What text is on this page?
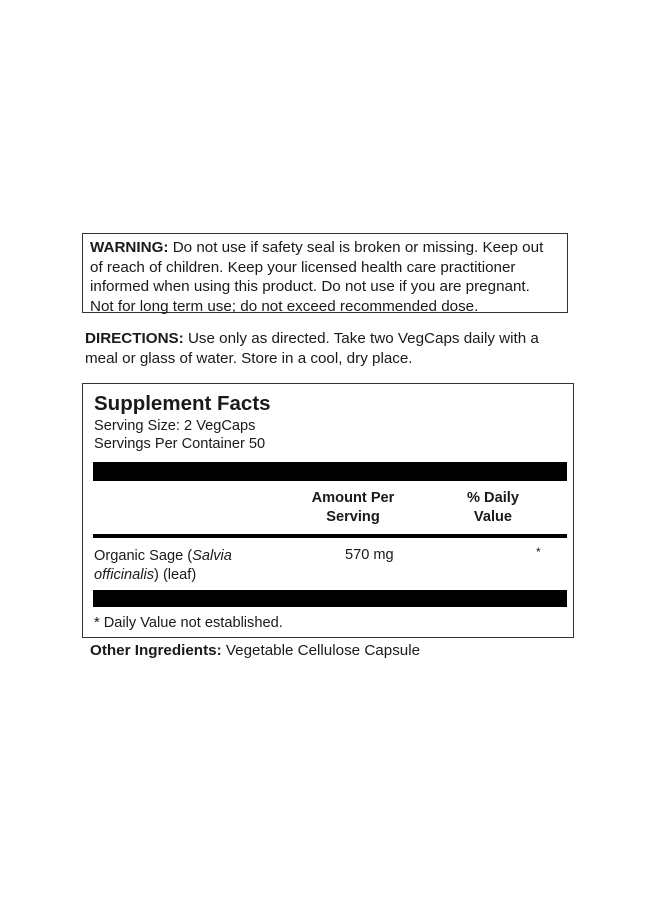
WARNING: Do not use if safety seal is broken or missing. Keep out
of reach of children. Keep your licensed health care practitioner
informed when using this product. Do not use if you are pregnant.
Not for long term use; do not exceed recommended dose.
DIRECTIONS: Use only as directed. Take two VegCaps daily with a
meal or glass of water. Store in a cool, dry place.
Supplement Facts
Serving Size: 2 VegCaps
Servings Per Container 50
Amount Per
Serving
% Daily
Value
Organic Sage (Salvia
officinalis) (leaf)
570 mg	*
* Daily Value not established.
Other Ingredients: Vegetable Cellulose Capsule
